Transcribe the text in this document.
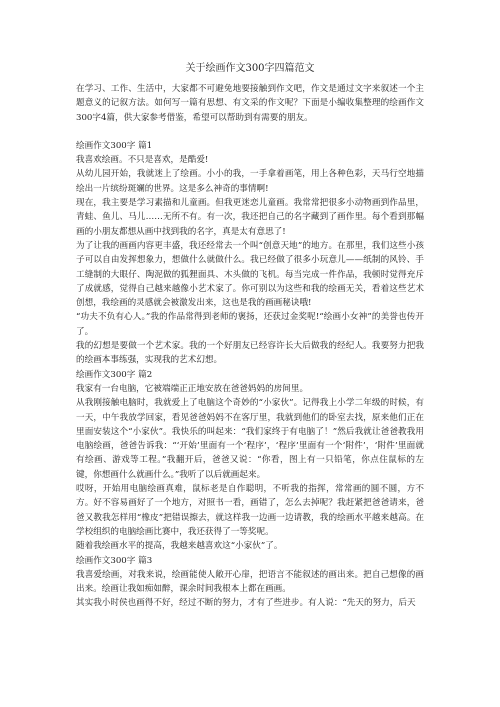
关于绘画作文300字四篇范文

在学习、工作、生活中，大家都不可避免地要接触到作文吧，作文是通过文字来叙述一个主题意义的记叙方法。如何写一篇有思想、有文采的作文呢？下面是小编收集整理的绘画作文300字4篇，供大家参考借鉴，希望可以帮助到有需要的朋友。

绘画作文300字 篇1

我喜欢绘画。不只是喜欢，是酷爱!

从幼儿园开始，我就迷上了绘画。小小的我，一手拿着画笔，用上各种色彩，天马行空地描绘出一片缤纷斑斓的世界。这是多么神奇的事情啊!

现在，我主要是学习素描和儿童画。但我更迷恋儿童画。我常常把很多小动物画到作品里，青蛙、鱼儿、马儿……无所不有。有一次，我还把自己的名字藏到了画作里。每个看到那幅画的小朋友都想从画中找到我的名字，真是太有意思了!

为了让我的画画内容更丰盛，我还经常去一个叫“创意天地”的地方。在那里，我们这些小孩子可以自由发挥想象力，想做什么就做什么。我已经做了很多小玩意儿——纸制的风铃、手工缝制的大眼仔、陶泥做的狐狸面具、木头做的飞机。每当完成一件作品，我顿时觉得充斥了成就感，觉得自己越来越像小艺术家了。你可别以为这些和我的绘画无关，看着这些艺术创想，我绘画的灵感就会被激发出来，这也是我的画画秘诀哦!

“功夫不负有心人。”我的作品常得到老师的褒扬，还获过金奖呢!“绘画小女神”的美誉也传开了。

我的幻想是要做一个艺术家。我的一个好朋友已经容许长大后做我的经纪人。我要努力把我的绘画本事练强，实现我的艺术幻想。

绘画作文300字 篇2

我家有一台电脑，它被端端正正地安放在爸爸妈妈的房间里。

从我刚接触电脑时，我就爱上了电脑这个奇妙的“小家伙”。记得我上小学二年级的时候，有一天，中午我放学回家，看见爸爸妈妈不在客厅里，我就到他们的卧室去找，原来他们正在里面安装这个“小家伙”。我快乐的叫起来：“我们家终于有电脑了！”然后我就让爸爸教我用电脑绘画，爸爸告诉我：“‘开始’里面有一个‘程序’，‘程序’里面有一个‘附件’，‘附件’里面就有绘画、游戏等工程。”我翻开后，爸爸又说：“你看，图上有一只铅笔，你点住鼠标的左键，你想画什么就画什么。”我听了以后就画起来。

哎呀，开始用电脑绘画真难，鼠标老是自作聪明，不听我的指挥，常常画的圆不圆，方不方。好不容易画好了一个地方，对照书一看，画错了，怎么去掉呢？我赶紧把爸爸请来，爸爸又教我怎样用“橡皮”把错误擦去，就这样我一边画一边请教，我的绘画水平越来越高。在学校组织的电脑绘画比赛中，我还获得了一等奖呢。

随着我绘画水平的提高，我越来越喜欢这“小家伙”了。

绘画作文300字 篇3

我喜爱绘画，对我来说，绘画能使人敞开心扉，把语言不能叙述的画出来。把自己想像的画出来。绘画让我如痴如醉，课余时间我根本上都在画画。

其实我小时侯也画得不好，经过不断的努力，才有了些进步。有人说：“先天的努力，后天
